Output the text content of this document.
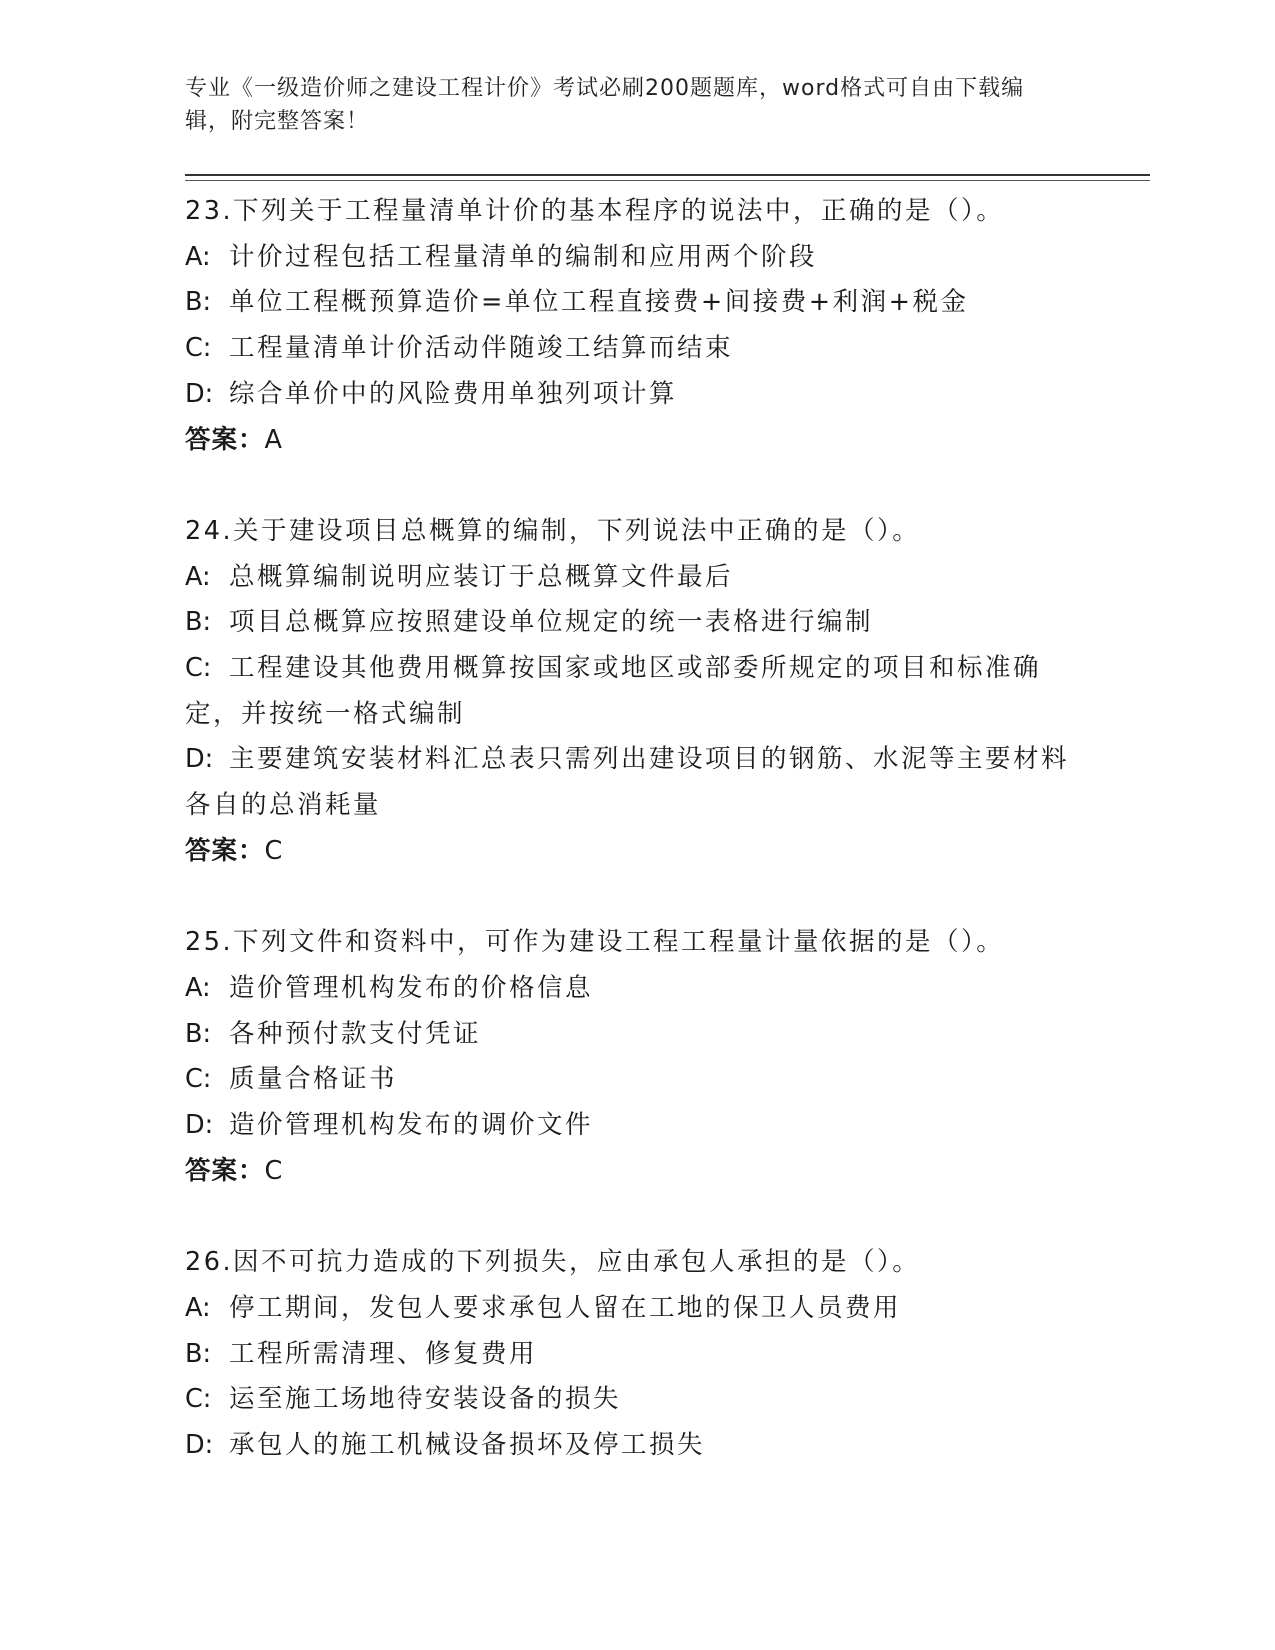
专业《一级造价师之建设工程计价》考试必刷200题题库，word格式可自由下载编辑，附完整答案！
23.下列关于工程量清单计价的基本程序的说法中，正确的是（）。
A: 计价过程包括工程量清单的编制和应用两个阶段
B: 单位工程概预算造价=单位工程直接费+间接费+利润+税金
C: 工程量清单计价活动伴随竣工结算而结束
D: 综合单价中的风险费用单独列项计算
答案：A
24.关于建设项目总概算的编制，下列说法中正确的是（）。
A: 总概算编制说明应装订于总概算文件最后
B: 项目总概算应按照建设单位规定的统一表格进行编制
C: 工程建设其他费用概算按国家或地区或部委所规定的项目和标准确定，并按统一格式编制
D: 主要建筑安装材料汇总表只需列出建设项目的钢筋、水泥等主要材料各自的总消耗量
答案：C
25.下列文件和资料中，可作为建设工程工程量计量依据的是（）。
A: 造价管理机构发布的价格信息
B: 各种预付款支付凭证
C: 质量合格证书
D: 造价管理机构发布的调价文件
答案：C
26.因不可抗力造成的下列损失，应由承包人承担的是（）。
A: 停工期间，发包人要求承包人留在工地的保卫人员费用
B: 工程所需清理、修复费用
C: 运至施工场地待安装设备的损失
D: 承包人的施工机械设备损坏及停工损失
